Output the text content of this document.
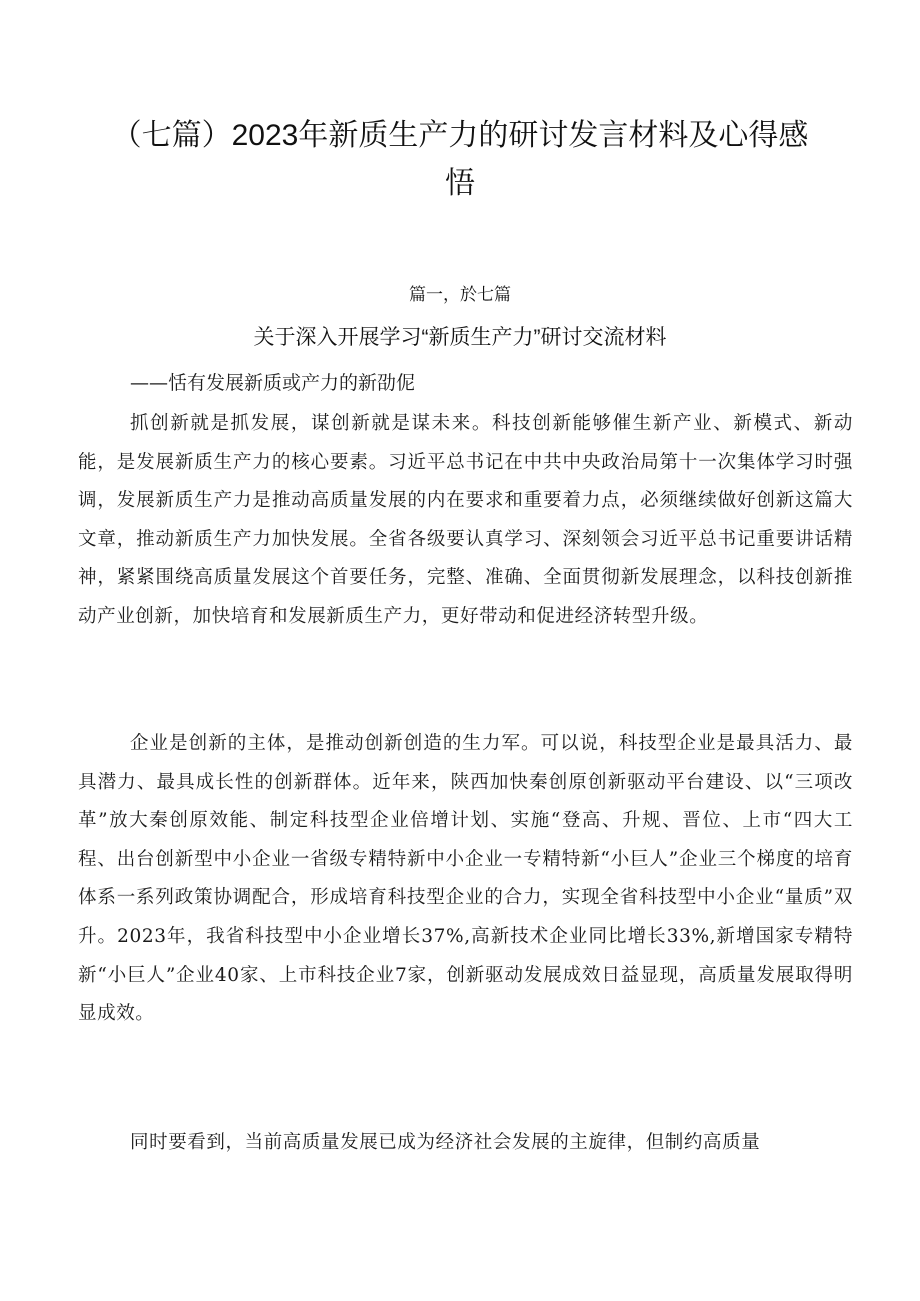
（七篇）2023年新质生产力的研讨发言材料及心得感
悟
篇一，於七篇
关于深入开展学习“新质生产力”研讨交流材料
——恬有发展新质或产力的新劭伲

抓创新就是抓发展，谋创新就是谋未来。科技创新能够催生新产业、新模式、新动能，是发展新质生产力的核心要素。习近平总书记在中共中央政治局第十一次集体学习时强调，发展新质生产力是推动高质量发展的内在要求和重要着力点，必须继续做好创新这篇大文章，推动新质生产力加快发展。全省各级要认真学习、深刻领会习近平总书记重要讲话精神，紧紧围绕高质量发展这个首要任务，完整、准确、全面贯彻新发展理念，以科技创新推动产业创新，加快培育和发展新质生产力，更好带动和促进经济转型升级。

企业是创新的主体，是推动创新创造的生力军。可以说，科技型企业是最具活力、最具潜力、最具成长性的创新群体。近年来，陕西加快秦创原创新驱动平台建设、以“三项改革”放大秦创原效能、制定科技型企业倍增计划、实施“登高、升规、晋位、上市“四大工程、出台创新型中小企业一省级专精特新中小企业一专精特新“小巨人”企业三个梯度的培育体系一系列政策协调配合，形成培育科技型企业的合力，实现全省科技型中小企业“量质”双升。2023年，我省科技型中小企业增长37%,高新技术企业同比增长33%,新增国家专精特新“小巨人”企业40家、上市科技企业7家，创新驱动发展成效日益显现，高质量发展取得明显成效。

同时要看到，当前高质量发展已成为经济社会发展的主旋律，但制约高质量
